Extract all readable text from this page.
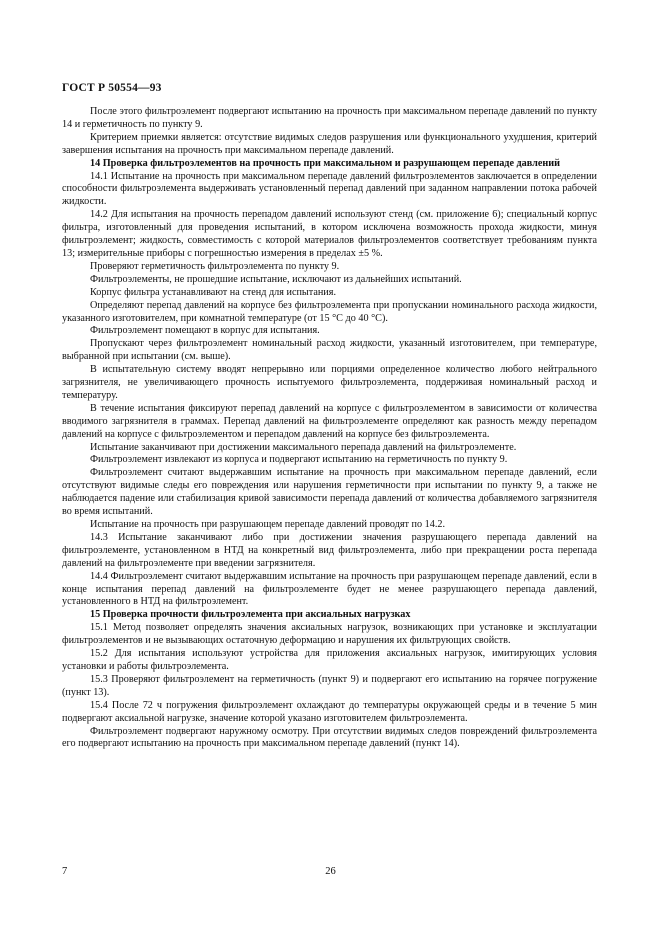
ГОСТ Р 50554—93

После этого фильтроэлемент подвергают испытанию на прочность при максимальном перепаде давлений по пункту 14 и герметичность по пункту 9.

Критерием приемки является: отсутствие видимых следов разрушения или функционального ухудшения, критерий завершения испытания на прочность при максимальном перепаде давлений.

14 Проверка фильтроэлементов на прочность при максимальном и разрушающем перепаде давлений

14.1 Испытание на прочность при максимальном перепаде давлений фильтроэлементов заключается в определении способности фильтроэлемента выдерживать установленный перепад давлений при заданном направлении потока рабочей жидкости.

14.2 Для испытания на прочность перепадом давлений используют стенд (см. приложение 6); специальный корпус фильтра, изготовленный для проведения испытаний, в котором исключена возможность прохода жидкости, минуя фильтроэлемент; жидкость, совместимость с которой материалов фильтроэлементов соответствует требованиям пункта 13; измерительные приборы с погрешностью измерения в пределах ±5 %.

Проверяют герметичность фильтроэлемента по пункту 9.

Фильтроэлементы, не прошедшие испытание, исключают из дальнейших испытаний.

Корпус фильтра устанавливают на стенд для испытания.

Определяют перепад давлений на корпусе без фильтроэлемента при пропускании номинального расхода жидкости, указанного изготовителем, при комнатной температуре (от 15 °С до 40 °С).

Фильтроэлемент помещают в корпус для испытания.

Пропускают через фильтроэлемент номинальный расход жидкости, указанный изготовителем, при температуре, выбранной при испытании (см. выше).

В испытательную систему вводят непрерывно или порциями определенное количество любого нейтрального загрязнителя, не увеличивающего прочность испытуемого фильтроэлемента, поддерживая номинальный расход и температуру.

В течение испытания фиксируют перепад давлений на корпусе с фильтроэлементом в зависимости от количества вводимого загрязнителя в граммах. Перепад давлений на фильтроэлементе определяют как разность между перепадом давлений на корпусе с фильтроэлементом и перепадом давлений на корпусе без фильтроэлемента.

Испытание заканчивают при достижении максимального перепада давлений на фильтроэлементе.

Фильтроэлемент извлекают из корпуса и подвергают испытанию на герметичность по пункту 9.

Фильтроэлемент считают выдержавшим испытание на прочность при максимальном перепаде давлений, если отсутствуют видимые следы его повреждения или нарушения герметичности при испытании по пункту 9, а также не наблюдается падение или стабилизация кривой зависимости перепада давлений от количества добавляемого загрязнителя во время испытаний.

Испытание на прочность при разрушающем перепаде давлений проводят по 14.2.

14.3 Испытание заканчивают либо при достижении значения разрушающего перепада давлений на фильтроэлементе, установленном в НТД на конкретный вид фильтроэлемента, либо при прекращении роста перепада давлений на фильтроэлементе при введении загрязнителя.

14.4 Фильтроэлемент считают выдержавшим испытание на прочность при разрушающем перепаде давлений, если в конце испытания перепад давлений на фильтроэлементе будет не менее разрушающего перепада давлений, установленного в НТД на фильтроэлемент.

15 Проверка прочности фильтроэлемента при аксиальных нагрузках

15.1 Метод позволяет определять значения аксиальных нагрузок, возникающих при установке и эксплуатации фильтроэлементов и не вызывающих остаточную деформацию и нарушения их фильтрующих свойств.

15.2 Для испытания используют устройства для приложения аксиальных нагрузок, имитирующих условия установки и работы фильтроэлемента.

15.3 Проверяют фильтроэлемент на герметичность (пункт 9) и подвергают его испытанию на горячее погружение (пункт 13).

15.4 После 72 ч погружения фильтроэлемент охлаждают до температуры окружающей среды и в течение 5 мин подвергают аксиальной нагрузке, значение которой указано изготовителем фильтроэлемента.

Фильтроэлемент подвергают наружному осмотру. При отсутствии видимых следов повреждений фильтроэлемента его подвергают испытанию на прочность при максимальном перепаде давлений (пункт 14).

26
7
